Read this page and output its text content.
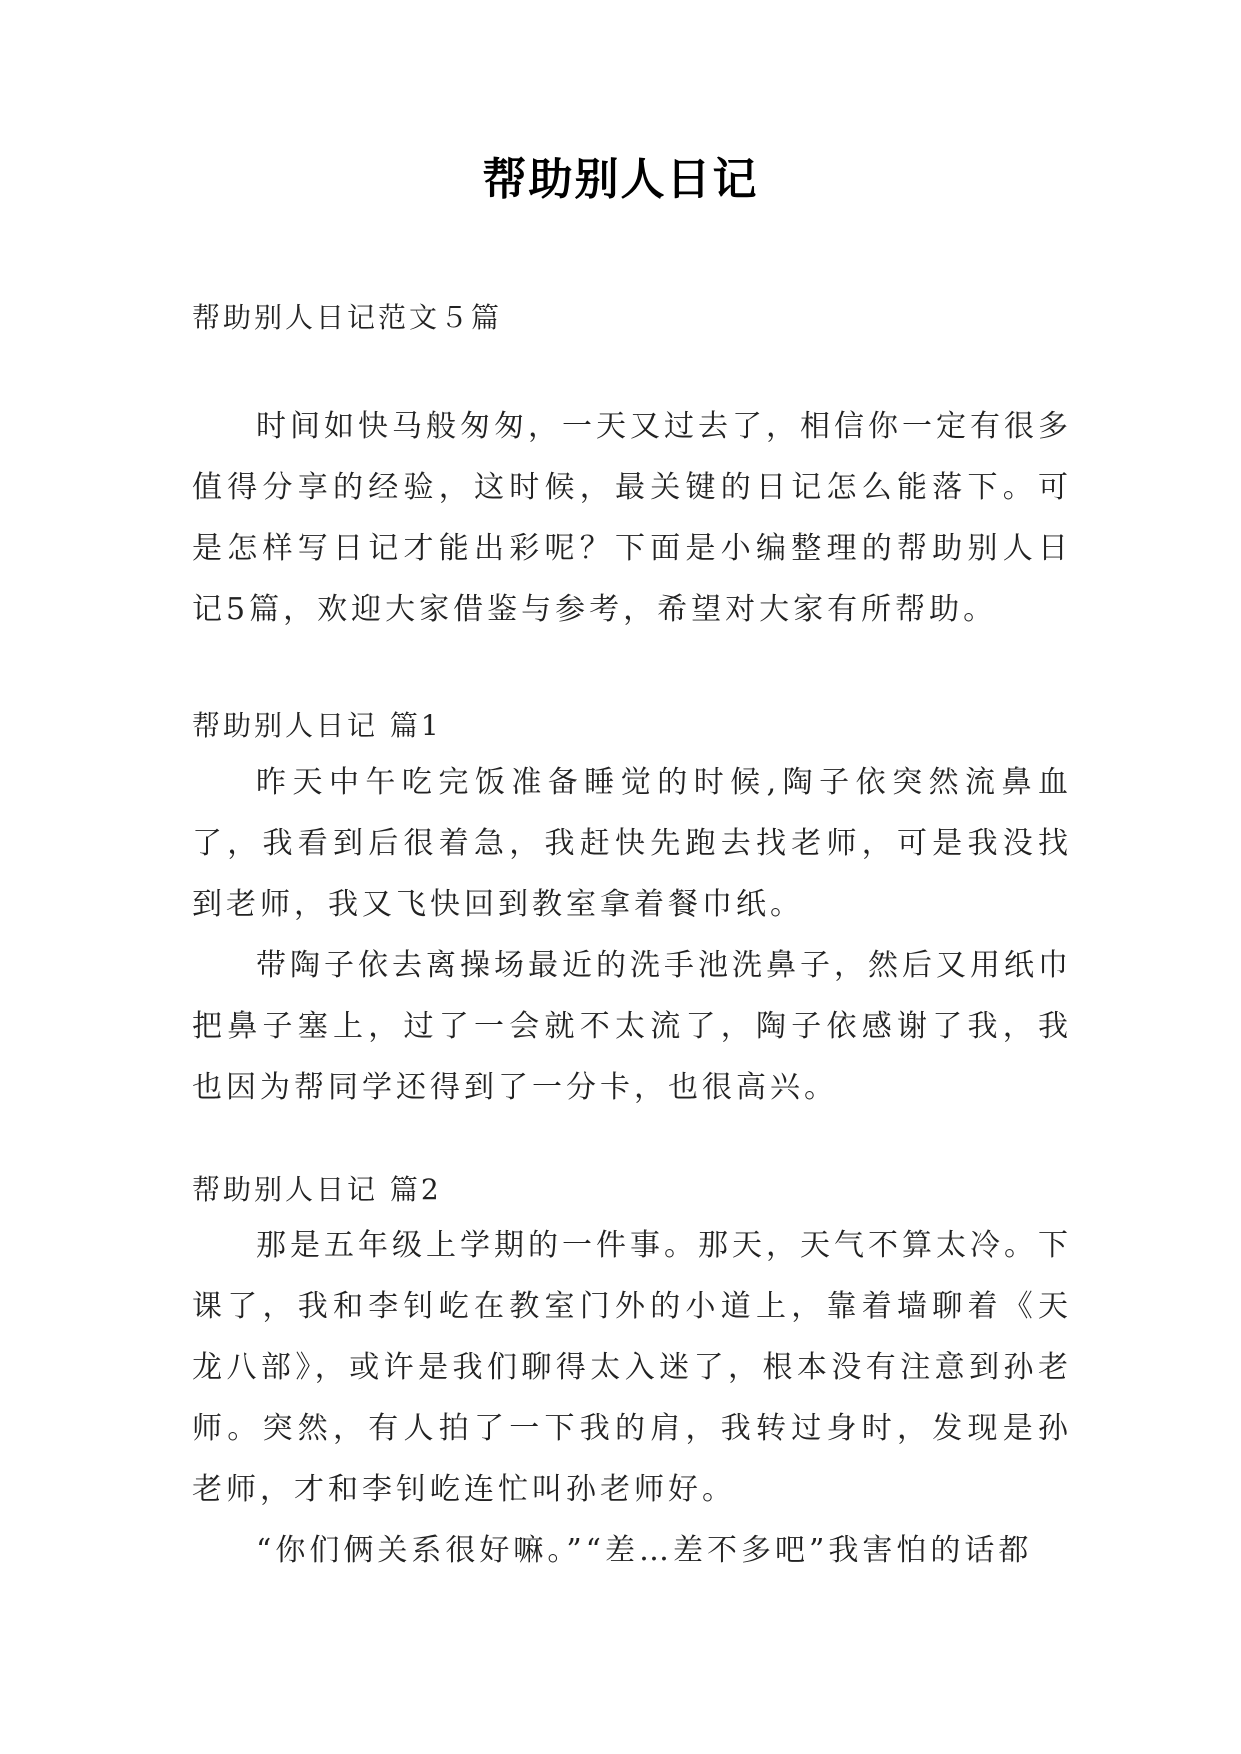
帮助别人日记
帮助别人日记范文５篇

时间如快马般匆匆，一天又过去了，相信你一定有很多值得分享的经验，这时候，最关键的日记怎么能落下。可是怎样写日记才能出彩呢？下面是小编整理的帮助别人日记5篇，欢迎大家借鉴与参考，希望对大家有所帮助。

帮助别人日记 篇1

昨天中午吃完饭准备睡觉的时候,陶子依突然流鼻血了，我看到后很着急，我赶快先跑去找老师，可是我没找到老师，我又飞快回到教室拿着餐巾纸。

带陶子依去离操场最近的洗手池洗鼻子，然后又用纸巾把鼻子塞上，过了一会就不太流了，陶子依感谢了我，我也因为帮同学还得到了一分卡，也很高兴。

帮助别人日记 篇2

那是五年级上学期的一件事。那天，天气不算太冷。下课了，我和李钊屹在教室门外的小道上，靠着墙聊着《天龙八部》，或许是我们聊得太入迷了，根本没有注意到孙老师。突然，有人拍了一下我的肩，我转过身时，发现是孙老师，才和李钊屹连忙叫孙老师好。

“你们俩关系很好嘛。”“差…差不多吧”我害怕的话都
